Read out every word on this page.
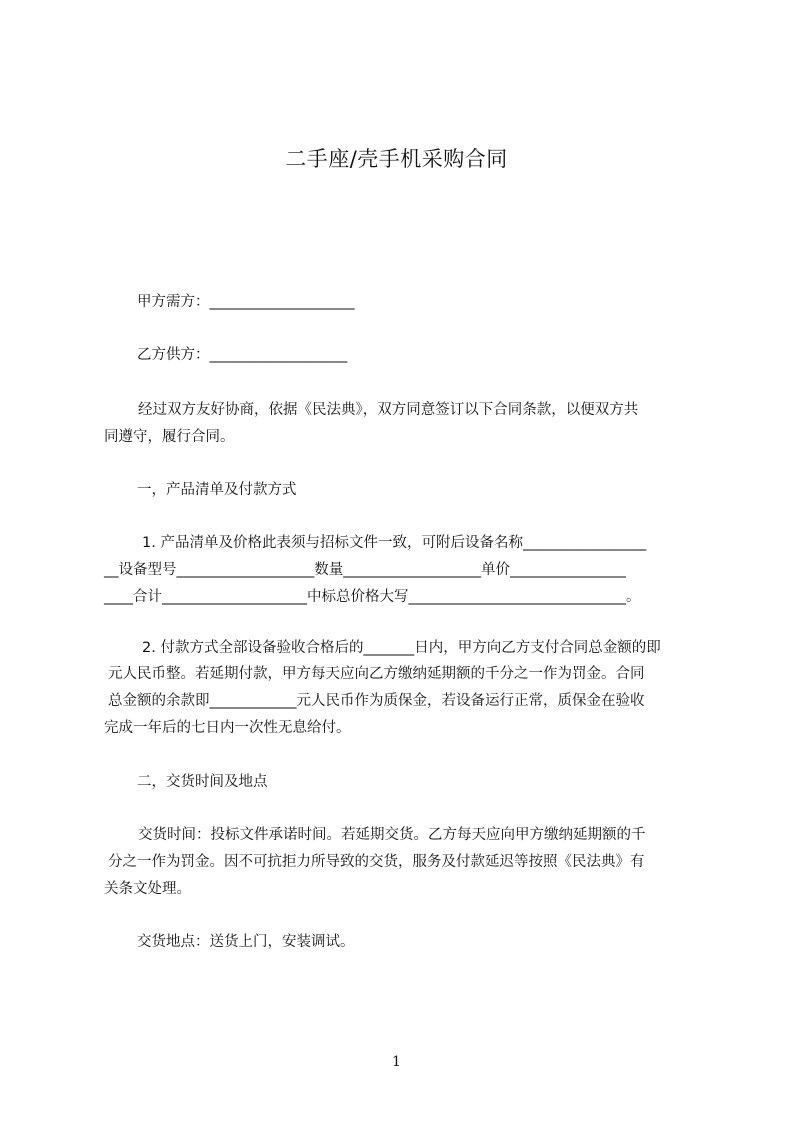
二手座/壳手机采购合同
甲方需方：____________________
乙方供方：___________________
经过双方友好协商，依据《民法典》，双方同意签订以下合同条款，以便双方共
同遵守，履行合同。
一，产品清单及付款方式
1. 产品清单及价格此表须与招标文件一致，可附后设备名称_________________
__设备型号___________________数量___________________单价________________
____合计____________________中标总价格大写______________________________。
2. 付款方式全部设备验收合格后的_______日内，甲方向乙方支付合同总金额的即
元人民币整。若延期付款，甲方每天应向乙方缴纳延期额的千分之一作为罚金。合同
总金额的余款即____________元人民币作为质保金，若设备运行正常，质保金在验收
完成一年后的七日内一次性无息给付。
二，交货时间及地点
交货时间：投标文件承诺时间。若延期交货。乙方每天应向甲方缴纳延期额的千
分之一作为罚金。因不可抗拒力所导致的交货，服务及付款延迟等按照《民法典》有
关条文处理。
交货地点：送货上门，安装调试。
1
